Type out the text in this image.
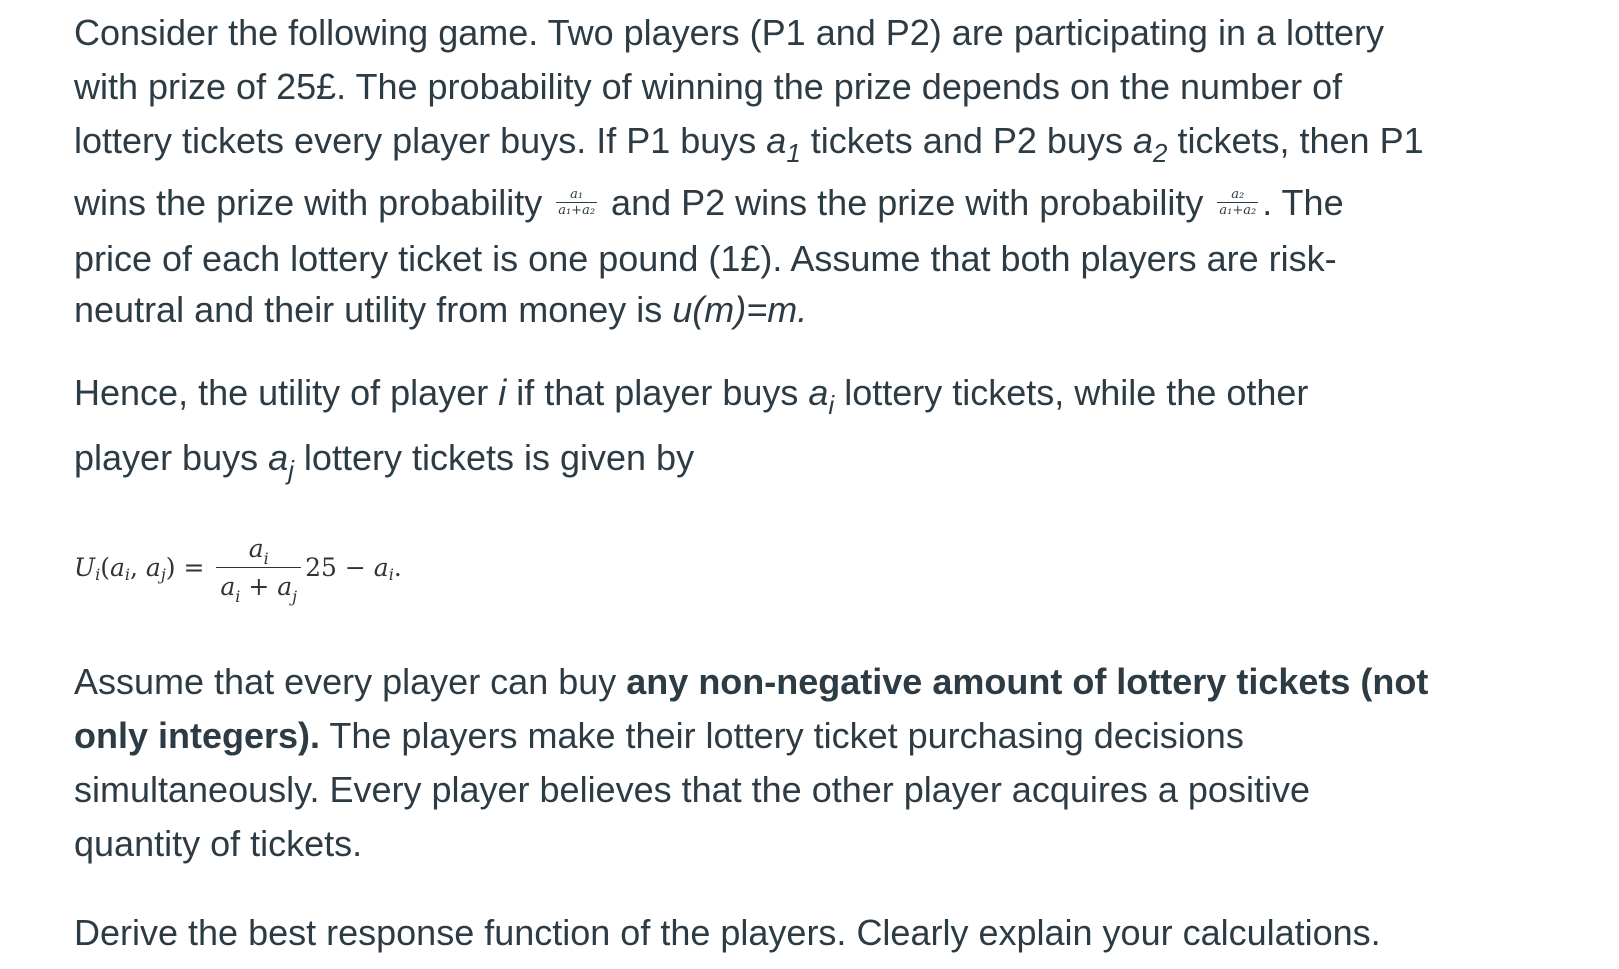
Consider the following game. Two players (P1 and P2) are participating in a lottery
with prize of 25£. The probability of winning the prize depends on the number of
lottery tickets every player buys. If P1 buys $a_1$ tickets and P2 buys $a_2$ tickets, then P1
wins the prize with probability $\frac{\text{a₁}}{\text{a₁+a₂}}$ and P2 wins the prize with probability $\frac{\text{a₂}}{\text{a₁+a₂}}$ . The
price of each lottery ticket is one pound (1£). Assume that both players are risk-
neutral and their utility from money is u(m)=m.
Hence, the utility of player i if that player buys $a_i$ lottery tickets, while the other
player buys $a_j$ lottery tickets is given by
U i ( a i , a j ) = $\frac{a_i}{a_i + a_j} 25 - a$ i .
Assume that every player can buy any non-negative amount of lottery tickets (not
only integers). The players make their lottery ticket purchasing decisions
simultaneously. Every player believes that the other player acquires a positive
quantity of tickets.
Derive the best response function of the players. Clearly explain your calculations.
